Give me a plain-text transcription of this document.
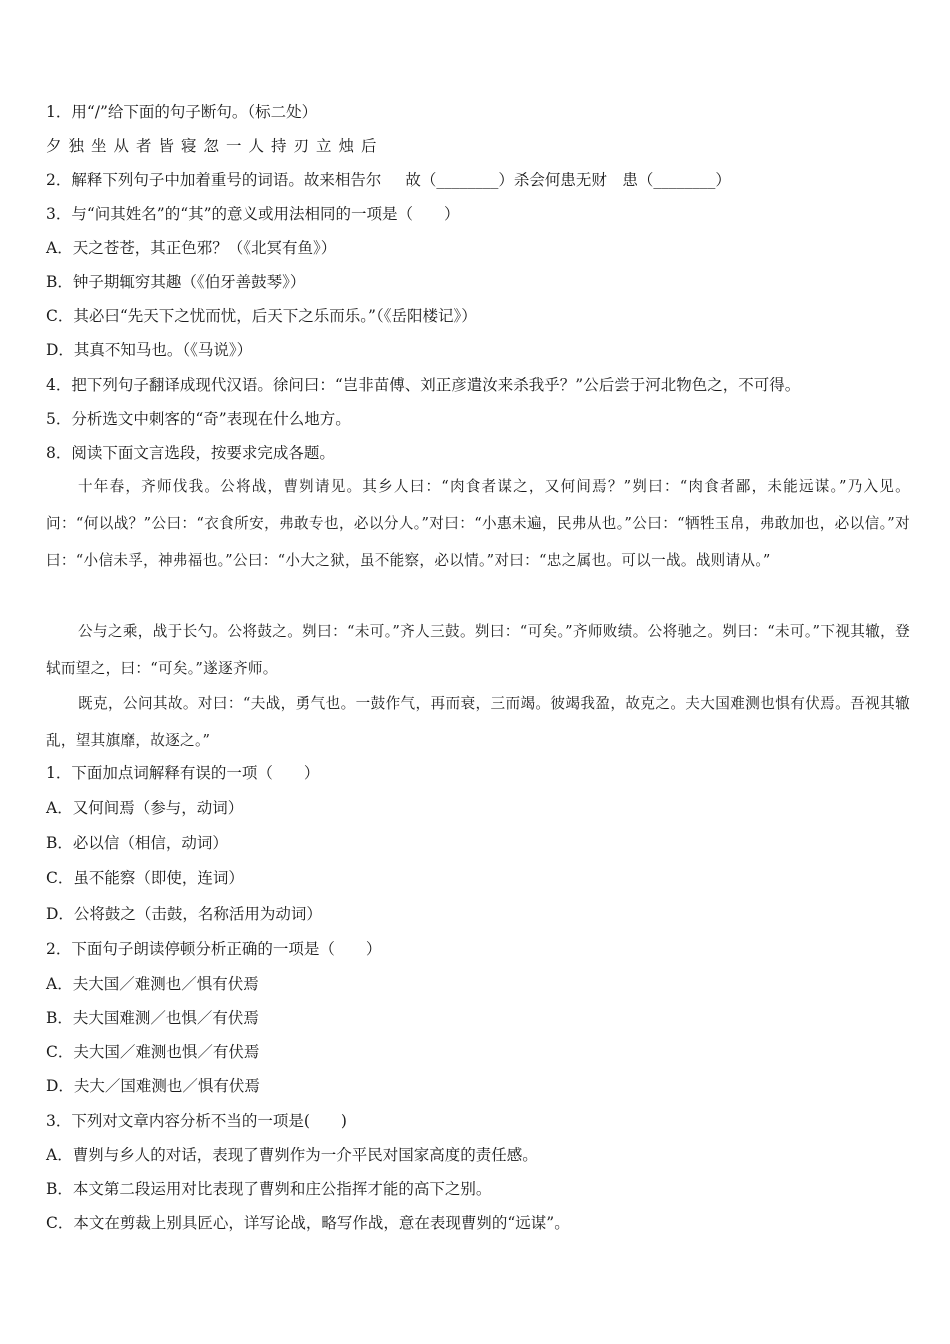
1．用“/”给下面的句子断句。（标二处）
夕独坐从者皆寝忽一人持刃立烛后
2．解释下列句子中加着重号的词语。故来相告尔 故（________）杀会何患无财　 患（________）
3．与“问其姓名”的“其”的意义或用法相同的一项是（　　）
A．天之苍苍，其正色邪？（《北冥有鱼》）
B．钟子期辄穷其趣（《伯牙善鼓琴》）
C．其必曰“先天下之忧而忧，后天下之乐而乐。”（《岳阳楼记》）
D．其真不知马也。（《马说》）
4．把下列句子翻译成现代汉语。徐问曰：“岂非苗傅、刘正彦遣汝来杀我乎？”公后尝于河北物色之，不可得。
5．分析选文中刺客的“奇”表现在什么地方。
8．阅读下面文言选段，按要求完成各题。
十年春，齐师伐我。公将战，曹刿请见。其乡人曰：“肉食者谋之，又何间焉？”刿曰：“肉食者鄙，未能远谋。”乃入见。问：“何以战？”公曰：“衣食所安，弗敢专也，必以分人。”对曰：“小惠未遍，民弗从也。”公曰：“牺牲玉帛，弗敢加也，必以信。”对曰：“小信未孚，神弗福也。”公曰：“小大之狱，虽不能察，必以情。”对曰：“忠之属也。可以一战。战则请从。”
公与之乘，战于长勺。公将鼓之。刿曰：“未可。”齐人三鼓。刿曰：“可矣。”齐师败绩。公将驰之。刿曰：“未可。”下视其辙，登轼而望之，曰：“可矣。”遂逐齐师。
既克，公问其故。对曰：“夫战，勇气也。一鼓作气，再而衰，三而竭。彼竭我盈，故克之。夫大国难测也惧有伏焉。吾视其辙乱，望其旗靡，故逐之。”
1．下面加点词解释有误的一项（　　）
A．又何间焉（参与，动词）
B．必以信（相信，动词）
C．虽不能察（即使，连词）
D．公将鼓之（击鼓，名称活用为动词）
2．下面句子朗读停顿分析正确的一项是（　　）
A．夫大国／难测也／惧有伏焉
B．夫大国难测／也惧／有伏焉
C．夫大国／难测也惧／有伏焉
D．夫大／国难测也／惧有伏焉
3．下列对文章内容分析不当的一项是(　　)
A．曹刿与乡人的对话，表现了曹刿作为一介平民对国家高度的责任感。
B．本文第二段运用对比表现了曹刿和庄公指挥才能的高下之别。
C．本文在剪裁上别具匠心，详写论战，略写作战，意在表现曹刿的“远谋”。
